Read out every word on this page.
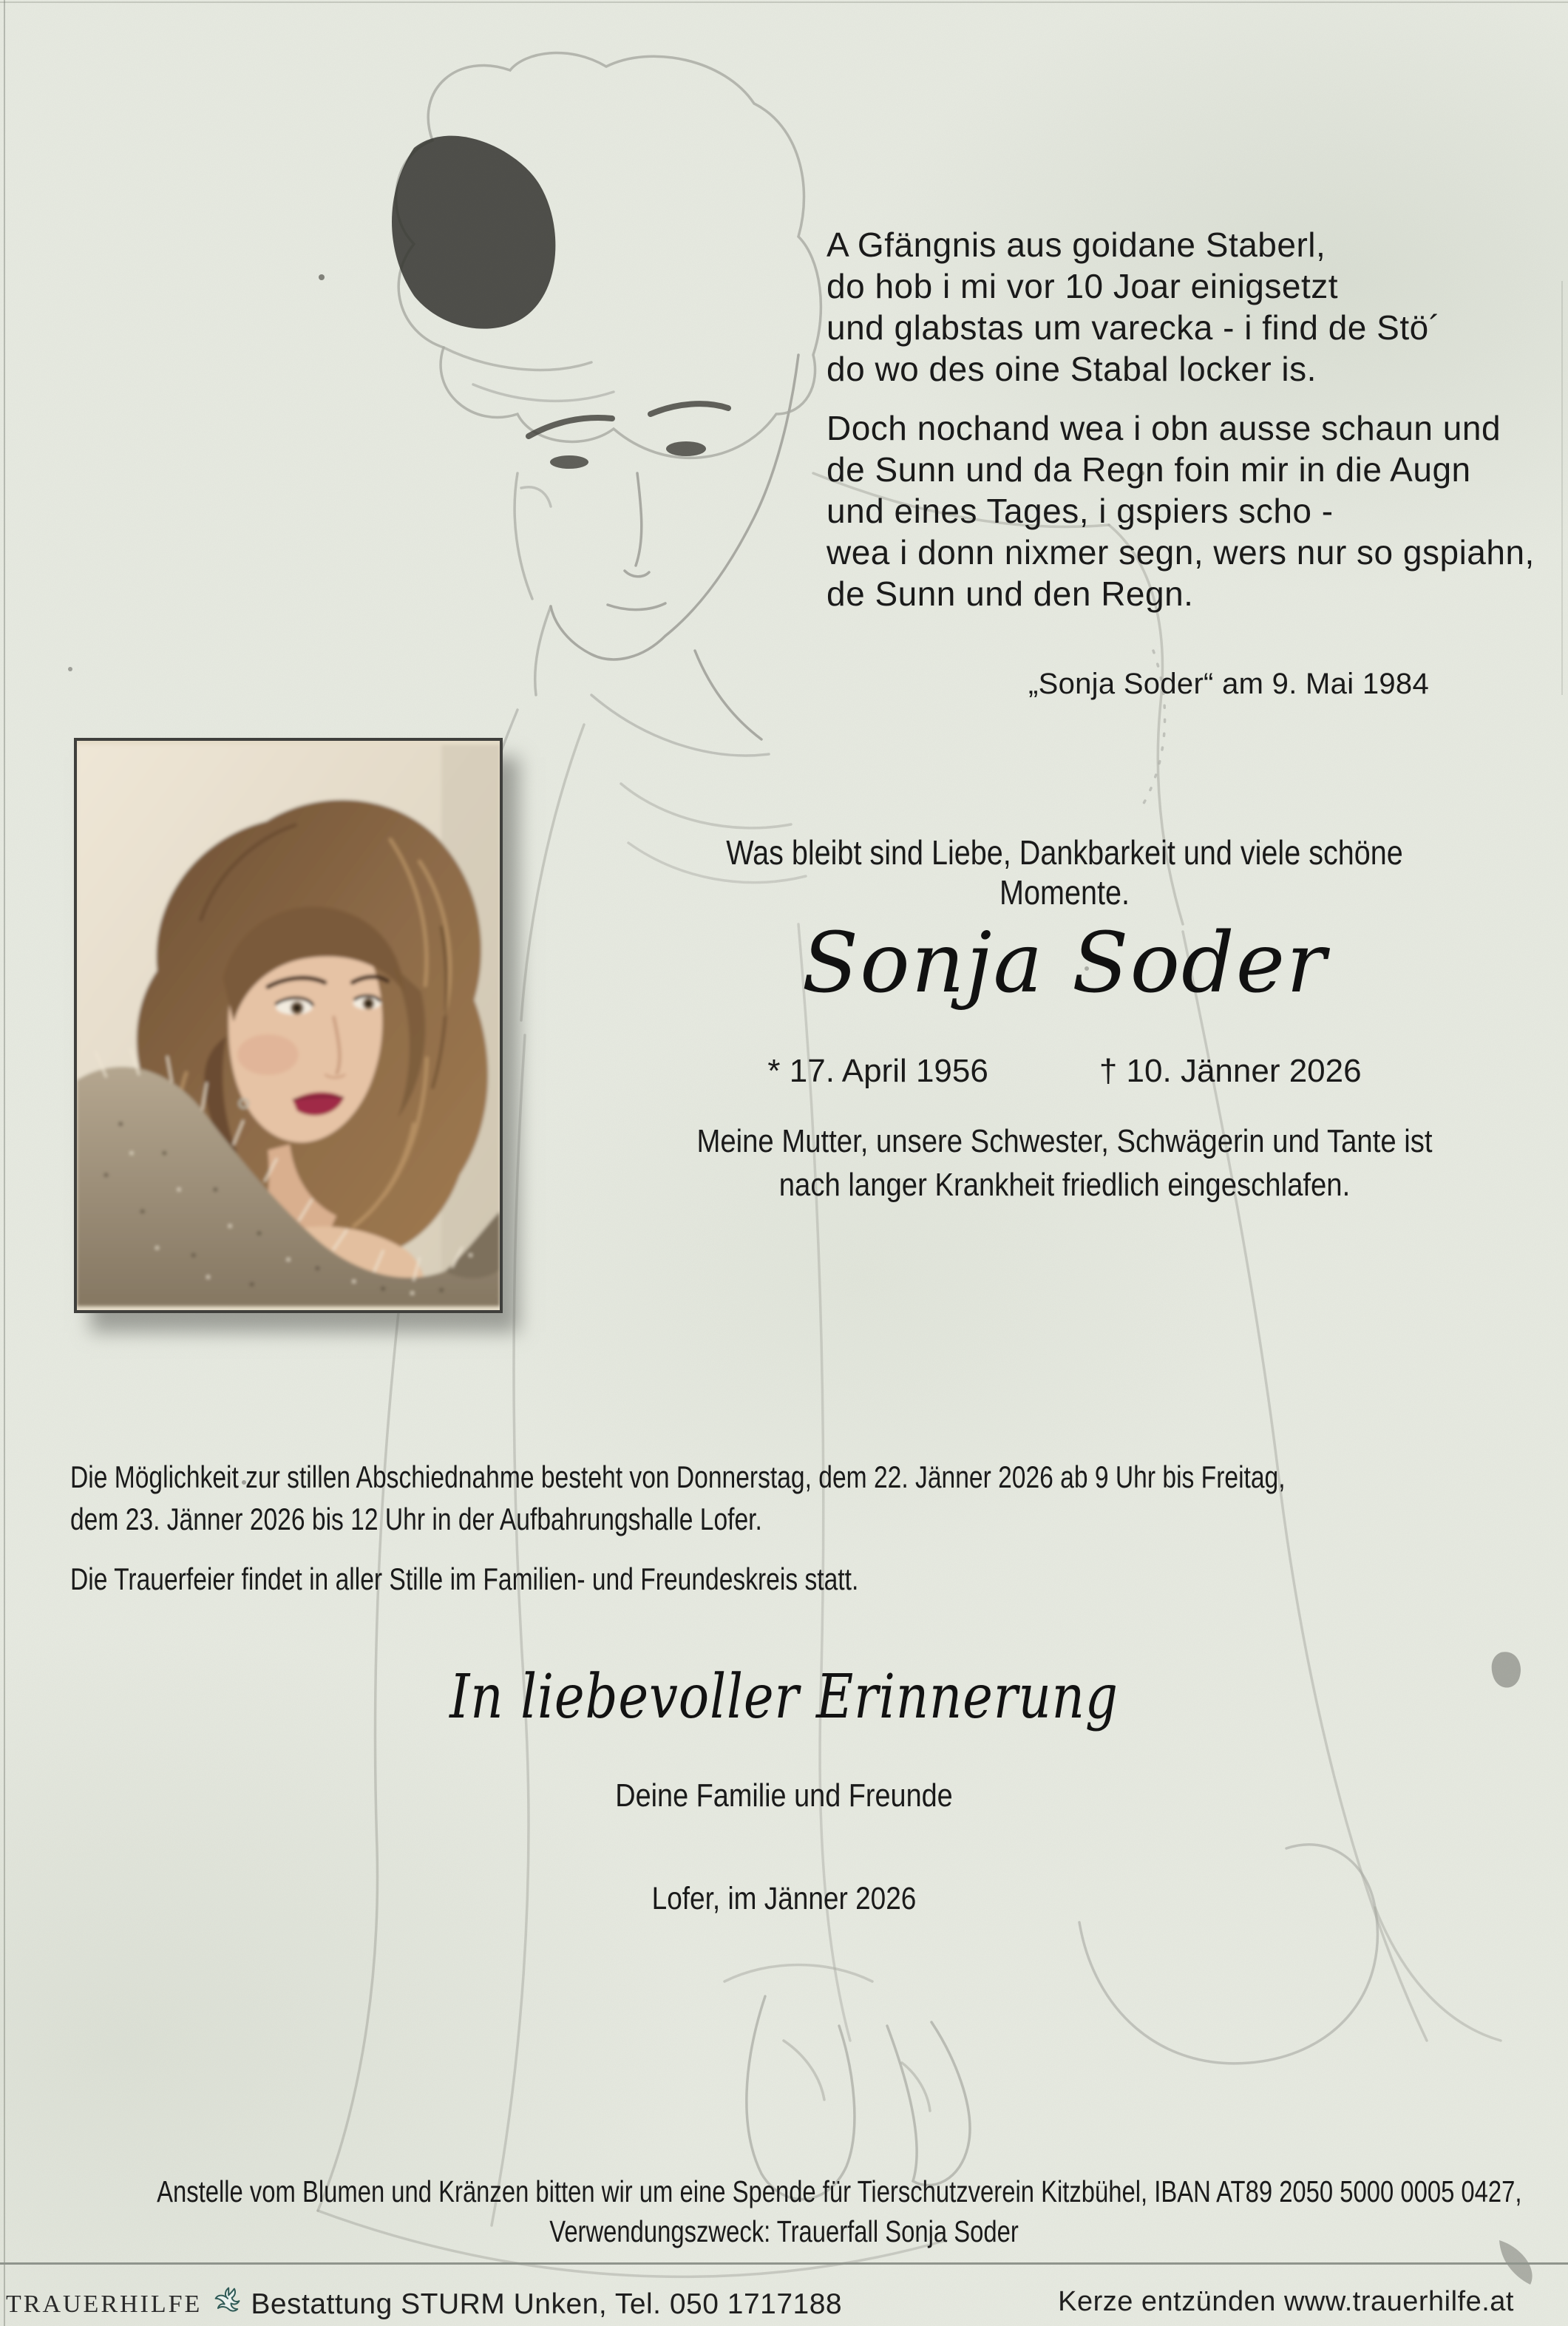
A Gfängnis aus goidane Staberl,
do hob i mi vor 10 Joar einigsetzt
und glabstas um varecka - i find de Stö´
do wo des oine Stabal locker is.
Doch nochand wea i obn ausse schaun und
de Sunn und da Regn foin mir in die Augn
und eines Tages, i gspiers scho -
wea i donn nixmer segn, wers nur so gspiahn,
de Sunn und den Regn.
„Sonja Soder“ am 9. Mai 1984
Was bleibt sind Liebe, Dankbarkeit und viele schöne Momente.
Sonja Soder
* 17. April 1956	† 10. Jänner 2026
Meine Mutter, unsere Schwester, Schwägerin und Tante ist
nach langer Krankheit friedlich eingeschlafen.
Die Möglichkeit zur stillen Abschiednahme besteht von Donnerstag, dem 22. Jänner 2026 ab 9 Uhr bis Freitag,
dem 23. Jänner 2026 bis 12 Uhr in der Aufbahrungshalle Lofer.
Die Trauerfeier findet in aller Stille im Familien- und Freundeskreis statt.
In liebevoller Erinnerung
Deine Familie und Freunde
Lofer, im Jänner 2026
Anstelle vom Blumen und Kränzen bitten wir um eine Spende für Tierschutzverein Kitzbühel, IBAN AT89 2050 5000 0005 0427,
Verwendungszweck: Trauerfall Sonja Soder
TRAUERHILFE Bestattung STURM Unken, Tel. 050 1717188	Kerze entzünden www.trauerhilfe.at
